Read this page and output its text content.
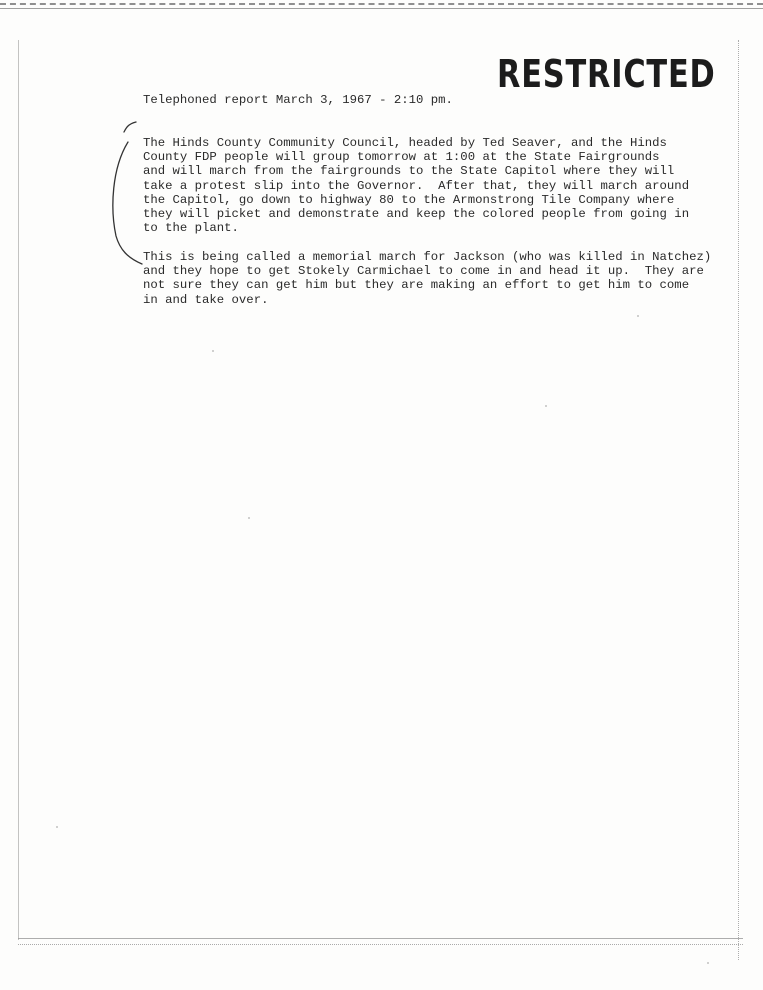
RESTRICTED
Telephoned report March 3, 1967 - 2:10 pm.
The Hinds County Community Council, headed by Ted Seaver, and the Hinds
County FDP people will group tomorrow at 1:00 at the State Fairgrounds
and will march from the fairgrounds to the State Capitol where they will
take a protest slip into the Governor.  After that, they will march around
the Capitol, go down to highway 80 to the Armonstrong Tile Company where
they will picket and demonstrate and keep the colored people from going in
to the plant.
This is being called a memorial march for Jackson (who was killed in Natchez)
and they hope to get Stokely Carmichael to come in and head it up.  They are
not sure they can get him but they are making an effort to get him to come
in and take over.
